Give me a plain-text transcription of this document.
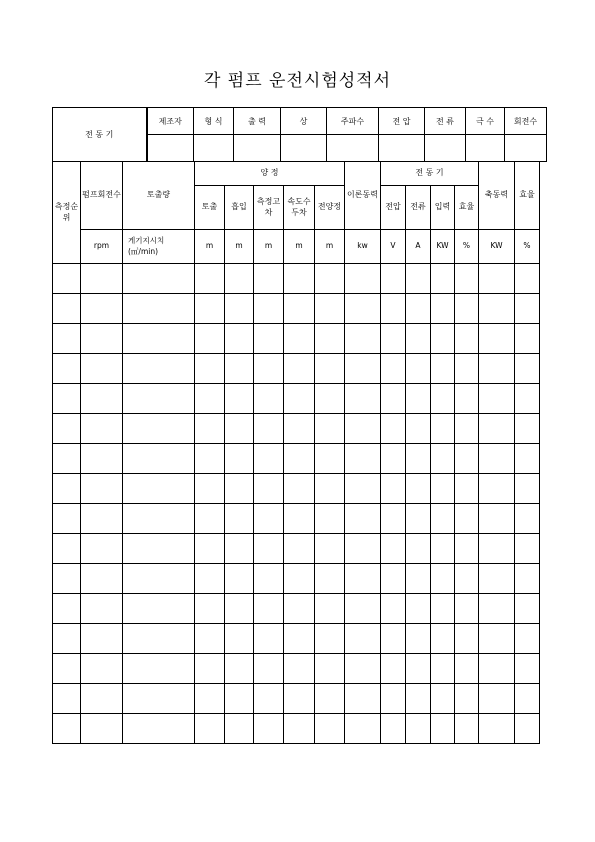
각 펌프 운전시험성적서
전 동 기	제조자	형 식	출 력	상	주파수	전 압	전 류	극 수	회전수

측정순위	펌프회전수	토출량	양 정					이론동력	전 동 기				축동력	효율
			토출	흡입	측정고차	속도수두차	전양정		전압	전류	입력	효율		
	rpm	게기지시치(㎥/min)	m	m	m	m	m	kw	V	A	KW	%	KW	%
